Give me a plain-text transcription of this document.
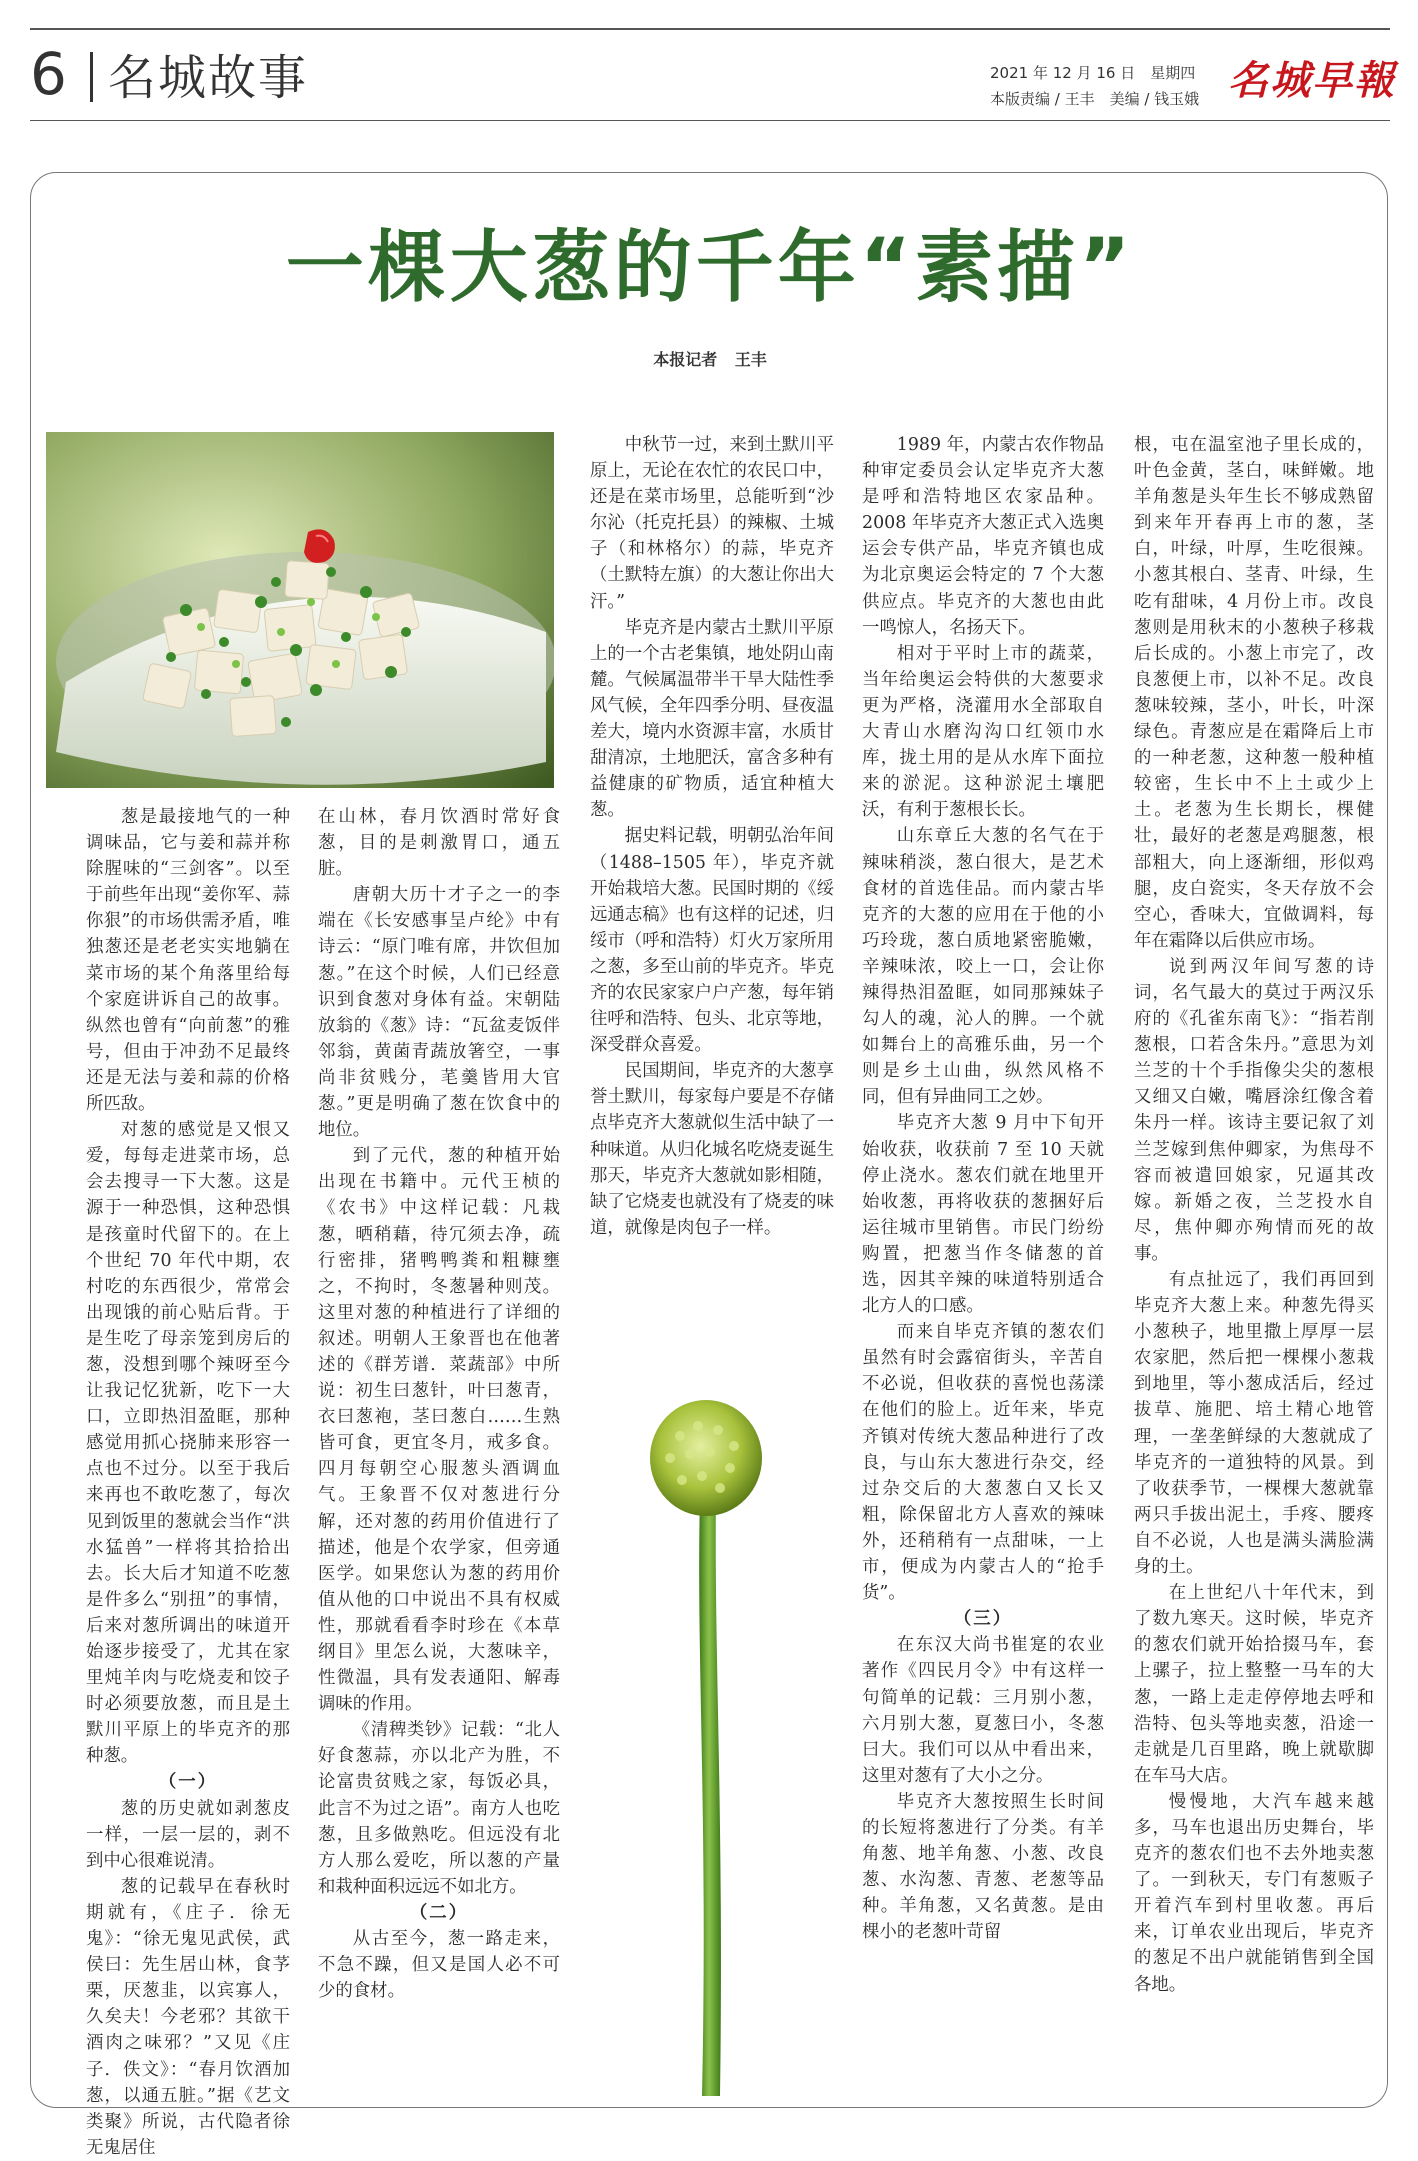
6 名城故事	2021 年 12 月 16 日　星期四
本版责编 / 王丰　美编 / 钱玉娥 名城早報
一棵大葱的千年“素描”
本报记者 王丰

葱是最接地气的一种调味品，它与姜和蒜并称除腥味的“三剑客”。以至于前些年出现“姜你军、蒜你狠”的市场供需矛盾，唯独葱还是老老实实地躺在菜市场的某个角落里给每个家庭讲诉自己的故事。纵然也曾有“向前葱”的雅号，但由于冲劲不足最终还是无法与姜和蒜的价格所匹敌。

对葱的感觉是又恨又爱，每每走进菜市场，总会去搜寻一下大葱。这是源于一种恐惧，这种恐惧是孩童时代留下的。在上个世纪 70 年代中期，农村吃的东西很少，常常会出现饿的前心贴后背。于是生吃了母亲笼到房后的葱，没想到哪个辣呀至今让我记忆犹新，吃下一大口，立即热泪盈眶，那种感觉用抓心挠肺来形容一点也不过分。以至于我后来再也不敢吃葱了，每次见到饭里的葱就会当作“洪水猛兽”一样将其拾拾出去。长大后才知道不吃葱是件多么“别扭”的事情，后来对葱所调出的味道开始逐步接受了，尤其在家里炖羊肉与吃烧麦和饺子时必须要放葱，而且是土默川平原上的毕克齐的那种葱。

（一）

葱的历史就如剥葱皮一样，一层一层的，剥不到中心很难说清。

葱的记载早在春秋时期就有，《庄子．徐无鬼》：“徐无鬼见武侯，武侯曰：先生居山林，食芧栗，厌葱韭，以宾寡人，久矣夫！今老邪？其欲干酒肉之味邪？”又见《庄子．佚文》：“春月饮酒加葱，以通五脏。”据《艺文类聚》所说，古代隐者徐无鬼居住

在山林，春月饮酒时常好食葱，目的是刺激胃口，通五脏。

唐朝大历十才子之一的李端在《长安感事呈卢纶》中有诗云：“原门唯有席，井饮但加葱。”在这个时候，人们已经意识到食葱对身体有益。宋朝陆放翁的《葱》诗：“瓦盆麦饭伴邻翁，黄菌青蔬放箸空，一事尚非贫贱分，芼羹皆用大官葱。”更是明确了葱在饮食中的地位。

到了元代，葱的种植开始出现在书籍中。元代王桢的《农书》中这样记载：凡栽葱，晒稍藉，待冗须去净，疏行密排，猪鸭鸭粪和粗糠壅之，不拘时，冬葱暑种则茂。这里对葱的种植进行了详细的叙述。明朝人王象晋也在他著述的《群芳谱．菜蔬部》中所说：初生曰葱针，叶曰葱青，衣曰葱袍，茎曰葱白……生熟皆可食，更宜冬月，戒多食。四月每朝空心服葱头酒调血气。王象晋不仅对葱进行分解，还对葱的药用价值进行了描述，他是个农学家，但旁通医学。如果您认为葱的药用价值从他的口中说出不具有权威性，那就看看李时珍在《本草纲目》里怎么说，大葱味辛，性微温，具有发表通阳、解毒调味的作用。

《清稗类钞》记载：“北人好食葱蒜，亦以北产为胜，不论富贵贫贱之家，每饭必具，此言不为过之语”。南方人也吃葱，且多做熟吃。但远没有北方人那么爱吃，所以葱的产量和栽种面积远远不如北方。

（二）

从古至今，葱一路走来，不急不躁，但又是国人必不可少的食材。

中秋节一过，来到土默川平原上，无论在农忙的农民口中，还是在菜市场里，总能听到“沙尔沁（托克托县）的辣椒、土城子（和林格尔）的蒜，毕克齐（土默特左旗）的大葱让你出大汗。”

毕克齐是内蒙古土默川平原上的一个古老集镇，地处阴山南麓。气候属温带半干旱大陆性季风气候，全年四季分明、昼夜温差大，境内水资源丰富，水质甘甜清凉，土地肥沃，富含多种有益健康的矿物质，适宜种植大葱。

据史料记载，明朝弘治年间（1488–1505 年），毕克齐就开始栽培大葱。民国时期的《绥远通志稿》也有这样的记述，归绥市（呼和浩特）灯火万家所用之葱，多至山前的毕克齐。毕克齐的农民家家户户产葱，每年销往呼和浩特、包头、北京等地，深受群众喜爱。

民国期间，毕克齐的大葱享誉土默川，每家每户要是不存储点毕克齐大葱就似生活中缺了一种味道。从归化城名吃烧麦诞生那天，毕克齐大葱就如影相随，缺了它烧麦也就没有了烧麦的味道，就像是肉包子一样。

1989 年，内蒙古农作物品种审定委员会认定毕克齐大葱是呼和浩特地区农家品种。2008 年毕克齐大葱正式入选奥运会专供产品，毕克齐镇也成为北京奥运会特定的 7 个大葱供应点。毕克齐的大葱也由此一鸣惊人，名扬天下。

相对于平时上市的蔬菜，当年给奥运会特供的大葱要求更为严格，浇灌用水全部取自大青山水磨沟沟口红领巾水库，拢土用的是从水库下面拉来的淤泥。这种淤泥土壤肥沃，有利于葱根长长。

山东章丘大葱的名气在于辣味稍淡，葱白很大，是艺术食材的首选佳品。而内蒙古毕克齐的大葱的应用在于他的小巧玲珑，葱白质地紧密脆嫩，辛辣味浓，咬上一口，会让你辣得热泪盈眶，如同那辣妹子勾人的魂，沁人的脾。一个就如舞台上的高雅乐曲，另一个则是乡土山曲，纵然风格不同，但有异曲同工之妙。

毕克齐大葱 9 月中下旬开始收获，收获前 7 至 10 天就停止浇水。葱农们就在地里开始收葱，再将收获的葱捆好后运往城市里销售。市民门纷纷购置，把葱当作冬储葱的首选，因其辛辣的味道特别适合北方人的口感。

而来自毕克齐镇的葱农们虽然有时会露宿街头，辛苦自不必说，但收获的喜悦也荡漾在他们的脸上。近年来，毕克齐镇对传统大葱品种进行了改良，与山东大葱进行杂交，经过杂交后的大葱葱白又长又粗，除保留北方人喜欢的辣味外，还稍稍有一点甜味，一上市，便成为内蒙古人的“抢手货”。

（三）

在东汉大尚书崔寔的农业著作《四民月令》中有这样一句简单的记载：三月别小葱，六月别大葱，夏葱曰小，冬葱曰大。我们可以从中看出来，这里对葱有了大小之分。

毕克齐大葱按照生长时间的长短将葱进行了分类。有羊角葱、地羊角葱、小葱、改良葱、水沟葱、青葱、老葱等品种。羊角葱，又名黄葱。是由棵小的老葱叶苛留

根，屯在温室池子里长成的，叶色金黄，茎白，味鲜嫩。地羊角葱是头年生长不够成熟留到来年开春再上市的葱，茎白，叶绿，叶厚，生吃很辣。小葱其根白、茎青、叶绿，生吃有甜味，4 月份上市。改良葱则是用秋末的小葱秧子移栽后长成的。小葱上市完了，改良葱便上市，以补不足。改良葱味较辣，茎小，叶长，叶深绿色。青葱应是在霜降后上市的一种老葱，这种葱一般种植较密，生长中不上土或少上土。老葱为生长期长，棵健壮，最好的老葱是鸡腿葱，根部粗大，向上逐渐细，形似鸡腿，皮白瓷实，冬天存放不会空心，香味大，宜做调料，每年在霜降以后供应市场。

说到两汉年间写葱的诗词，名气最大的莫过于两汉乐府的《孔雀东南飞》：“指若削葱根，口若含朱丹。”意思为刘兰芝的十个手指像尖尖的葱根又细又白嫩，嘴唇涂红像含着朱丹一样。该诗主要记叙了刘兰芝嫁到焦仲卿家，为焦母不容而被遣回娘家，兄逼其改嫁。新婚之夜，兰芝投水自尽，焦仲卿亦殉情而死的故事。

有点扯远了，我们再回到毕克齐大葱上来。种葱先得买小葱秧子，地里撒上厚厚一层农家肥，然后把一棵棵小葱栽到地里，等小葱成活后，经过拔草、施肥、培土精心地管理，一垄垄鲜绿的大葱就成了毕克齐的一道独特的风景。到了收获季节，一棵棵大葱就靠两只手拔出泥土，手疼、腰疼自不必说，人也是满头满脸满身的土。

在上世纪八十年代末，到了数九寒天。这时候，毕克齐的葱农们就开始拾掇马车，套上骡子，拉上整整一马车的大葱，一路上走走停停地去呼和浩特、包头等地卖葱，沿途一走就是几百里路，晚上就歇脚在车马大店。

慢慢地，大汽车越来越多，马车也退出历史舞台，毕克齐的葱农们也不去外地卖葱了。一到秋天，专门有葱贩子开着汽车到村里收葱。再后来，订单农业出现后，毕克齐的葱足不出户就能销售到全国各地。
